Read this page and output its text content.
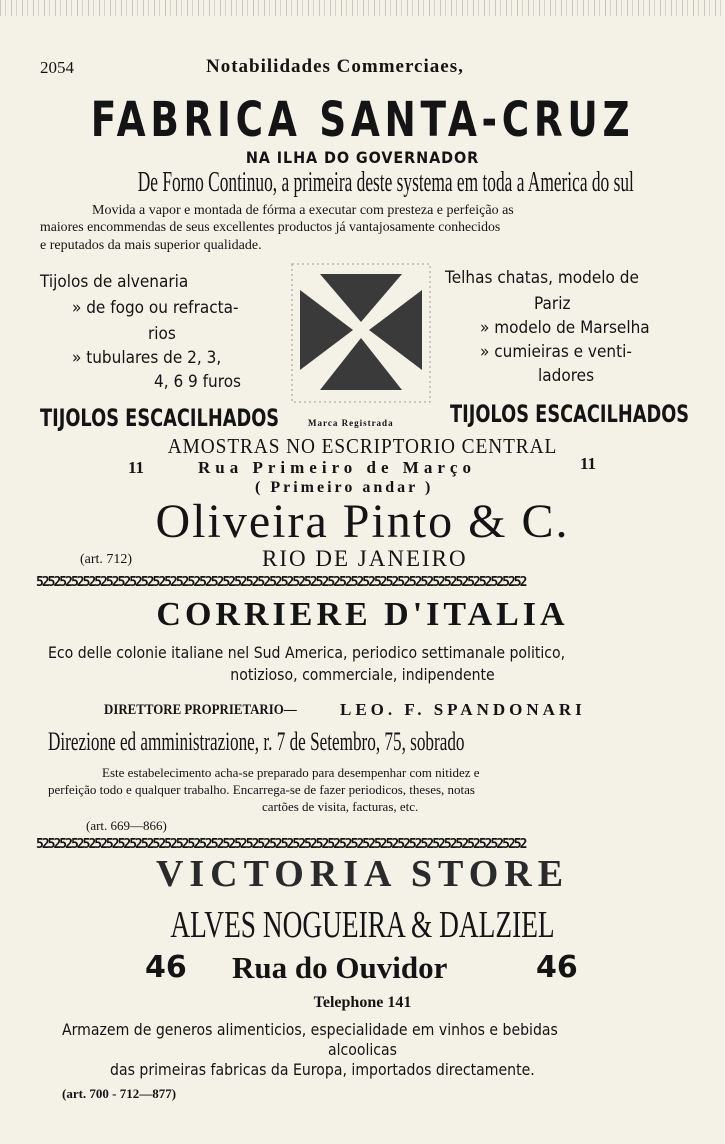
2054	Notabilidades Commerciaes,
FABRICA SANTA-CRUZ
NA ILHA DO GOVERNADOR
De Forno Continuo, a primeira deste systema em toda a America do sul
Movida a vapor e montada de fórma a executar com presteza e perfeição as
maiores encommendas de seus excellentes productos já vantajosamente conhecidos
e reputados da mais superior qualidade.
Tijolos de alvenaria
» de fogo ou refracta-
rios
» tubulares de 2, 3,
4, 6 9 furos
Marca Registrada
Telhas chatas, modelo de
Pariz
» modelo de Marselha
» cumieiras e venti-
ladores
TIJOLOS ESCACILHADOS	TIJOLOS ESCACILHADOS
AMOSTRAS NO ESCRIPTORIO CENTRAL
11	Rua Primeiro de Março	11
( Primeiro andar )
Oliveira Pinto & C.
(art. 712)	RIO DE JANEIRO
525252525252525252525252525252525252525252525252525252525252525252525252525252525252
CORRIERE D'ITALIA
Eco delle colonie italiane nel Sud America, periodico settimanale politico,
notizioso, commerciale, indipendente
DIRETTORE PROPRIETARIO—	LEO. F. SPANDONARI
Direzione ed amministrazione, r. 7 de Setembro, 75, sobrado
Este estabelecimento acha-se preparado para desempenhar com nitidez e
perfeição todo e qualquer trabalho. Encarrega-se de fazer periodicos, theses, notas
cartões de visita, facturas, etc.
(art. 669—866)
525252525252525252525252525252525252525252525252525252525252525252525252525252525252
VICTORIA STORE
ALVES NOGUEIRA & DALZIEL
46 Rua do Ouvidor	46
Telephone 141
Armazem de generos alimenticios, especialidade em vinhos e bebidas
alcoolicas
das primeiras fabricas da Europa, importados directamente.
(art. 700 - 712—877)
